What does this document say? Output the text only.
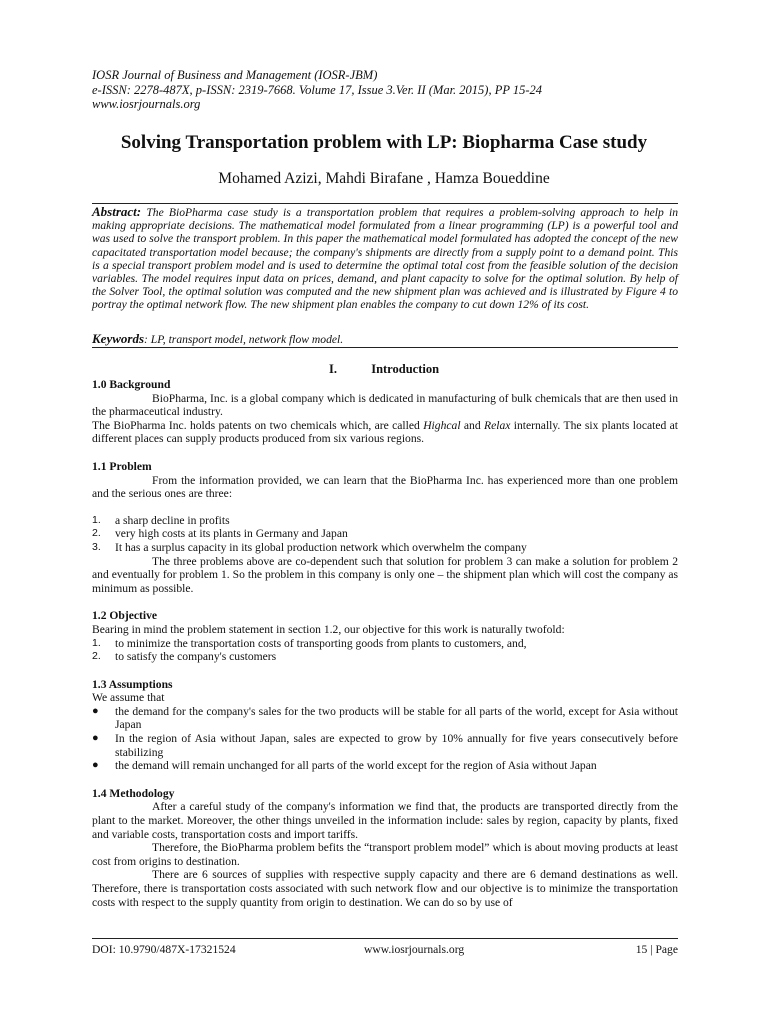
IOSR Journal of Business and Management (IOSR-JBM)
e-ISSN: 2278-487X, p-ISSN: 2319-7668. Volume 17, Issue 3.Ver. II (Mar. 2015), PP 15-24
www.iosrjournals.org
Solving Transportation problem with LP: Biopharma Case study
Mohamed Azizi, Mahdi Birafane , Hamza Boueddine
Abstract: The BioPharma case study is a transportation problem that requires a problem-solving approach to help in making appropriate decisions. The mathematical model formulated from a linear programming (LP) is a powerful tool and was used to solve the transport problem. In this paper the mathematical model formulated has adopted the concept of the new capacitated transportation model because; the company's shipments are directly from a supply point to a demand point. This is a special transport problem model and is used to determine the optimal total cost from the feasible solution of the decision variables. The model requires input data on prices, demand, and plant capacity to solve for the optimal solution. By help of the Solver Tool, the optimal solution was computed and the new shipment plan was achieved and is illustrated by Figure 4 to portray the optimal network flow. The new shipment plan enables the company to cut down 12% of its cost.
Keywords: LP, transport model, network flow model.
I.	Introduction
1.0 Background

BioPharma, Inc. is a global company which is dedicated in manufacturing of bulk chemicals that are then used in the pharmaceutical industry.

The BioPharma Inc. holds patents on two chemicals which, are called Highcal and Relax internally. The six plants located at different places can supply products produced from six various regions.

1.1 Problem

From the information provided, we can learn that the BioPharma Inc. has experienced more than one problem and the serious ones are three:

1. a sharp decline in profits
2. very high costs at its plants in Germany and Japan
3. It has a surplus capacity in its global production network which overwhelm the company

The three problems above are co-dependent such that solution for problem 3 can make a solution for problem 2 and eventually for problem 1. So the problem in this company is only one – the shipment plan which will cost the company as minimum as possible.

1.2 Objective

Bearing in mind the problem statement in section 1.2, our objective for this work is naturally twofold:

1. to minimize the transportation costs of transporting goods from plants to customers, and,
2. to satisfy the company's customers
1.3 Assumptions

We assume that

● the demand for the company's sales for the two products will be stable for all parts of the world, except for Asia without Japan
● In the region of Asia without Japan, sales are expected to grow by 10% annually for five years consecutively before stabilizing
● the demand will remain unchanged for all parts of the world except for the region of Asia without Japan
1.4 Methodology

After a careful study of the company's information we find that, the products are transported directly from the plant to the market. Moreover, the other things unveiled in the information include: sales by region, capacity by plants, fixed and variable costs, transportation costs and import tariffs.

Therefore, the BioPharma problem befits the “transport problem model” which is about moving products at least cost from origins to destination.

There are 6 sources of supplies with respective supply capacity and there are 6 demand destinations as well. Therefore, there is transportation costs associated with such network flow and our objective is to minimize the transportation costs with respect to the supply quantity from origin to destination. We can do so by use of

DOI: 10.9790/487X-17321524	www.iosrjournals.org	15 | Page
